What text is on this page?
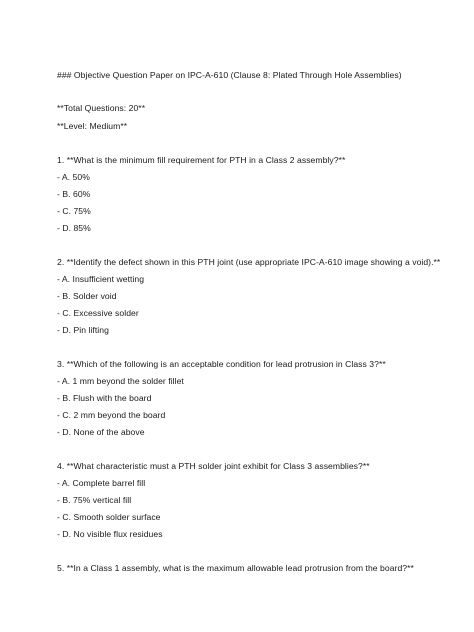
### Objective Question Paper on IPC-A-610 (Clause 8: Plated Through Hole Assemblies)
**Total Questions: 20**
**Level: Medium**
1. **What is the minimum fill requirement for PTH in a Class 2 assembly?**
- A. 50%
- B. 60%
- C. 75%
- D. 85%
2. **Identify the defect shown in this PTH joint (use appropriate IPC-A-610 image showing a void).**
- A. Insufficient wetting
- B. Solder void
- C. Excessive solder
- D. Pin lifting
3. **Which of the following is an acceptable condition for lead protrusion in Class 3?**
- A. 1 mm beyond the solder fillet
- B. Flush with the board
- C. 2 mm beyond the board
- D. None of the above
4. **What characteristic must a PTH solder joint exhibit for Class 3 assemblies?**
- A. Complete barrel fill
- B. 75% vertical fill
- C. Smooth solder surface
- D. No visible flux residues
5. **In a Class 1 assembly, what is the maximum allowable lead protrusion from the board?**
